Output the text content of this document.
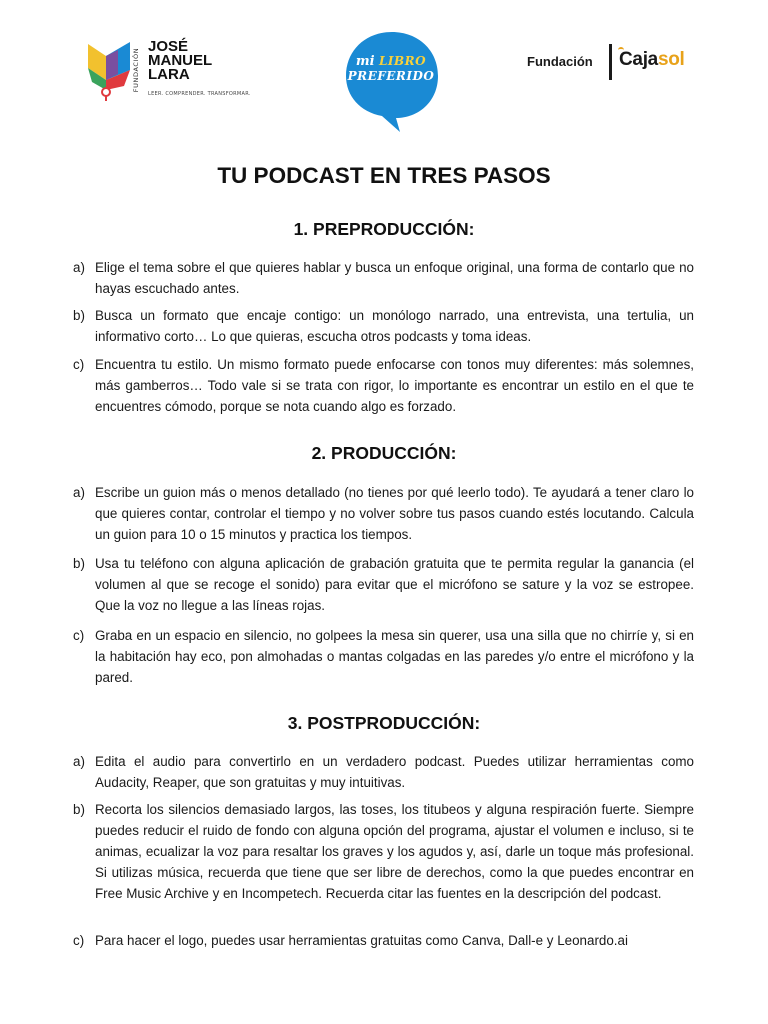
FUNDACIÓN
JOSÉ
MANUEL
LARA
LEER. COMPRENDER. TRANSFORMAR.
mi LIBRO
PREFERIDO
Fundación Cajasol
TU PODCAST EN TRES PASOS
1. PREPRODUCCIÓN:
a) Elige el tema sobre el que quieres hablar y busca un enfoque original, una forma de contarlo que no hayas escuchado antes.
b) Busca un formato que encaje contigo: un monólogo narrado, una entrevista, una tertulia, un informativo corto… Lo que quieras, escucha otros podcasts y toma ideas.
c) Encuentra tu estilo. Un mismo formato puede enfocarse con tonos muy diferentes: más solemnes, más gamberros… Todo vale si se trata con rigor, lo importante es encontrar un estilo en el que te encuentres cómodo, porque se nota cuando algo es forzado.
2. PRODUCCIÓN:
a) Escribe un guion más o menos detallado (no tienes por qué leerlo todo). Te ayudará a tener claro lo que quieres contar, controlar el tiempo y no volver sobre tus pasos cuando estés locutando. Calcula un guion para 10 o 15 minutos y practica los tiempos.
b) Usa tu teléfono con alguna aplicación de grabación gratuita que te permita regular la ganancia (el volumen al que se recoge el sonido) para evitar que el micrófono se sature y la voz se estropee. Que la voz no llegue a las líneas rojas.
c) Graba en un espacio en silencio, no golpees la mesa sin querer, usa una silla que no chirríe y, si en la habitación hay eco, pon almohadas o mantas colgadas en las paredes y/o entre el micrófono y la pared.
3. POSTPRODUCCIÓN:
a) Edita el audio para convertirlo en un verdadero podcast. Puedes utilizar herramientas como Audacity, Reaper, que son gratuitas y muy intuitivas.
b) Recorta los silencios demasiado largos, las toses, los titubeos y alguna respiración fuerte. Siempre puedes reducir el ruido de fondo con alguna opción del programa, ajustar el volumen e incluso, si te animas, ecualizar la voz para resaltar los graves y los agudos y, así, darle un toque más profesional. Si utilizas música, recuerda que tiene que ser libre de derechos, como la que puedes encontrar en Free Music Archive y en Incompetech. Recuerda citar las fuentes en la descripción del podcast.
c) Para hacer el logo, puedes usar herramientas gratuitas como Canva, Dall-e y Leonardo.ai
